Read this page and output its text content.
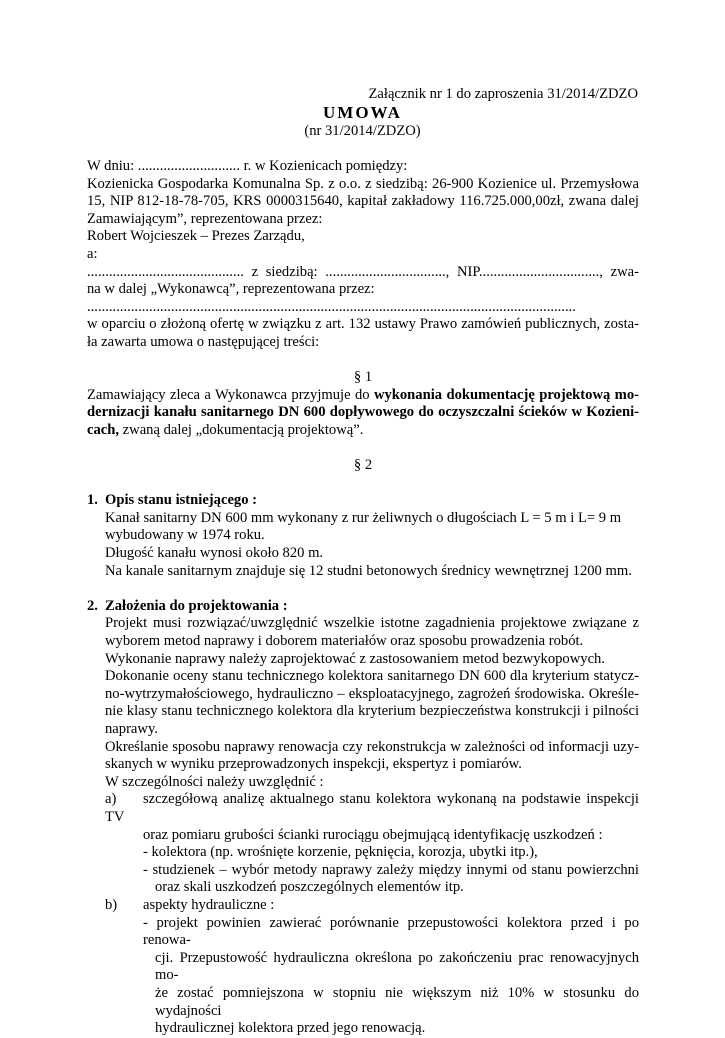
Załącznik nr 1 do zaproszenia 31/2014/ZDZO
UMOWA
(nr 31/2014/ZDZO)
W dniu: ............................ r. w Kozienicach pomiędzy:
Kozienicka Gospodarka Komunalna Sp. z o.o. z siedzibą: 26-900 Kozienice ul. Przemysłowa
15, NIP 812-18-78-705, KRS 0000315640, kapitał zakładowy 116.725.000,00zł, zwana dalej
Zamawiającym”, reprezentowana przez:
Robert Wojcieszek – Prezes Zarządu,
a:
........................................... z siedzibą: ................................., NIP................................., zwa-
na w dalej „Wykonawcą”, reprezentowana przez:
......................................................................................................................................
w oparciu o złożoną ofertę w związku z art. 132 ustawy Prawo zamówień publicznych, zosta-
ła zawarta umowa o następującej treści:
§ 1
Zamawiający zleca a Wykonawca przyjmuje do wykonania dokumentację projektową mo-
dernizacji kanału sanitarnego DN 600 dopływowego do oczyszczalni ścieków w Kozieni-
cach, zwaną dalej „dokumentacją projektową”.
§ 2
1. Opis stanu istniejącego :
Kanał sanitarny DN 600 mm wykonany z rur żeliwnych o długościach L = 5 m i L= 9 m
wybudowany w 1974 roku.
Długość kanału wynosi około 820 m.
Na kanale sanitarnym znajduje się 12 studni betonowych średnicy wewnętrznej 1200 mm.
2. Założenia do projektowania :
Projekt musi rozwiązać/uwzględnić wszelkie istotne zagadnienia projektowe związane z
wyborem metod naprawy i doborem materiałów oraz sposobu prowadzenia robót.
Wykonanie naprawy należy zaprojektować z zastosowaniem metod bezwykopowych.
Dokonanie oceny stanu technicznego kolektora sanitarnego DN 600 dla kryterium statycz-
no-wytrzymałościowego, hydrauliczno – eksploatacyjnego, zagrożeń środowiska. Określe-
nie klasy stanu technicznego kolektora dla kryterium bezpieczeństwa konstrukcji i pilności
naprawy.
Określanie sposobu naprawy renowacja czy rekonstrukcja w zależności od informacji uzy-
skanych w wyniku przeprowadzonych inspekcji, ekspertyz i pomiarów.
W szczególności należy uwzględnić :
a) szczegółową analizę aktualnego stanu kolektora wykonaną na podstawie inspekcji TV
oraz pomiaru grubości ścianki rurociągu obejmującą identyfikację uszkodzeń :
- kolektora (np. wrośnięte korzenie, pęknięcia, korozja, ubytki itp.),
- studzienek – wybór metody naprawy zależy między innymi od stanu powierzchni
oraz skali uszkodzeń poszczególnych elementów itp.
b) aspekty hydrauliczne :
- projekt powinien zawierać porównanie przepustowości kolektora przed i po renowa-
cji. Przepustowość hydrauliczna określona po zakończeniu prac renowacyjnych mo-
że zostać pomniejszona w stopniu nie większym niż 10% w stosunku do wydajności
hydraulicznej kolektora przed jego renowacją.
